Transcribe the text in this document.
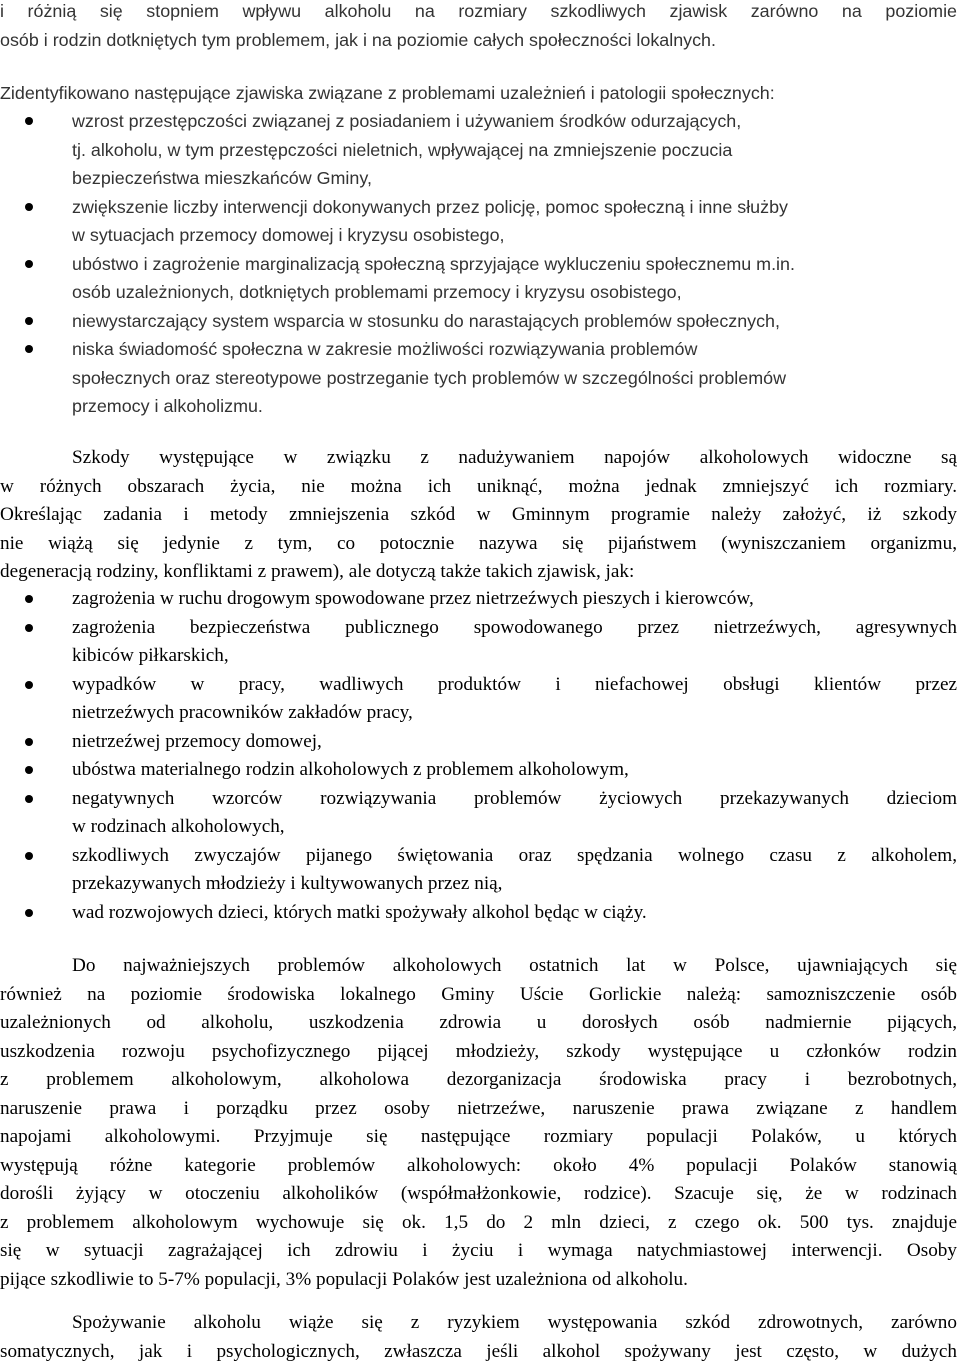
i różnią się stopniem wpływu alkoholu na rozmiary szkodliwych zjawisk zarówno na poziomie
osób i rodzin dotkniętych tym problemem, jak i na poziomie całych społeczności lokalnych.
Zidentyfikowano następujące zjawiska związane z problemami uzależnień i patologii społecznych:
wzrost przestępczości związanej z posiadaniem i używaniem środków odurzających,
tj. alkoholu, w tym przestępczości nieletnich, wpływającej na zmniejszenie poczucia
bezpieczeństwa mieszkańców Gminy,
zwiększenie liczby interwencji dokonywanych przez policję, pomoc społeczną i inne służby
w sytuacjach przemocy domowej i kryzysu osobistego,
ubóstwo i zagrożenie marginalizacją społeczną sprzyjające wykluczeniu społecznemu m.in.
osób uzależnionych, dotkniętych problemami przemocy i kryzysu osobistego,
niewystarczający system wsparcia w stosunku do narastających problemów społecznych,
niska świadomość społeczna w zakresie możliwości rozwiązywania problemów
społecznych oraz stereotypowe postrzeganie tych problemów w szczególności problemów
przemocy i alkoholizmu.
Szkody występujące w związku z nadużywaniem napojów alkoholowych widoczne są
w różnych obszarach życia, nie można ich uniknąć, można jednak zmniejszyć ich rozmiary.
Określając zadania i metody zmniejszenia szkód w Gminnym programie należy założyć, iż szkody
nie wiążą się jedynie z tym, co potocznie nazywa się pijaństwem (wyniszczaniem organizmu,
degeneracją rodziny, konfliktami z prawem), ale dotyczą także takich zjawisk, jak:
zagrożenia w ruchu drogowym spowodowane przez nietrzeźwych pieszych i kierowców,
zagrożenia bezpieczeństwa publicznego spowodowanego przez nietrzeźwych, agresywnych
kibiców piłkarskich,
wypadków w pracy, wadliwych produktów i niefachowej obsługi klientów przez
nietrzeźwych pracowników zakładów pracy,
nietrzeźwej przemocy domowej,
ubóstwa materialnego rodzin alkoholowych z problemem alkoholowym,
negatywnych wzorców rozwiązywania problemów życiowych przekazywanych dzieciom
w rodzinach alkoholowych,
szkodliwych zwyczajów pijanego świętowania oraz spędzania wolnego czasu z alkoholem,
przekazywanych młodzieży i kultywowanych przez nią,
wad rozwojowych dzieci, których matki spożywały alkohol będąc w ciąży.
Do najważniejszych problemów alkoholowych ostatnich lat w Polsce, ujawniających się
również na poziomie środowiska lokalnego Gminy Uście Gorlickie należą: samozniszczenie osób
uzależnionych od alkoholu, uszkodzenia zdrowia u dorosłych osób nadmiernie pijących,
uszkodzenia rozwoju psychofizycznego pijącej młodzieży, szkody występujące u członków rodzin
z problemem alkoholowym, alkoholowa dezorganizacja środowiska pracy i bezrobotnych,
naruszenie prawa i porządku przez osoby nietrzeźwe, naruszenie prawa związane z handlem
napojami alkoholowymi. Przyjmuje się następujące rozmiary populacji Polaków, u których
występują różne kategorie problemów alkoholowych: około 4% populacji Polaków stanowią
dorośli żyjący w otoczeniu alkoholików (współmałżonkowie, rodzice). Szacuje się, że w rodzinach
z problemem alkoholowym wychowuje się ok. 1,5 do 2 mln dzieci, z czego ok. 500 tys. znajduje
się w sytuacji zagrażającej ich zdrowiu i życiu i wymaga natychmiastowej interwencji. Osoby
pijące szkodliwie to 5-7% populacji, 3% populacji Polaków jest uzależniona od alkoholu.
Spożywanie alkoholu wiąże się z ryzykiem występowania szkód zdrowotnych, zarówno
somatycznych, jak i psychologicznych, zwłaszcza jeśli alkohol spożywany jest często, w dużych
